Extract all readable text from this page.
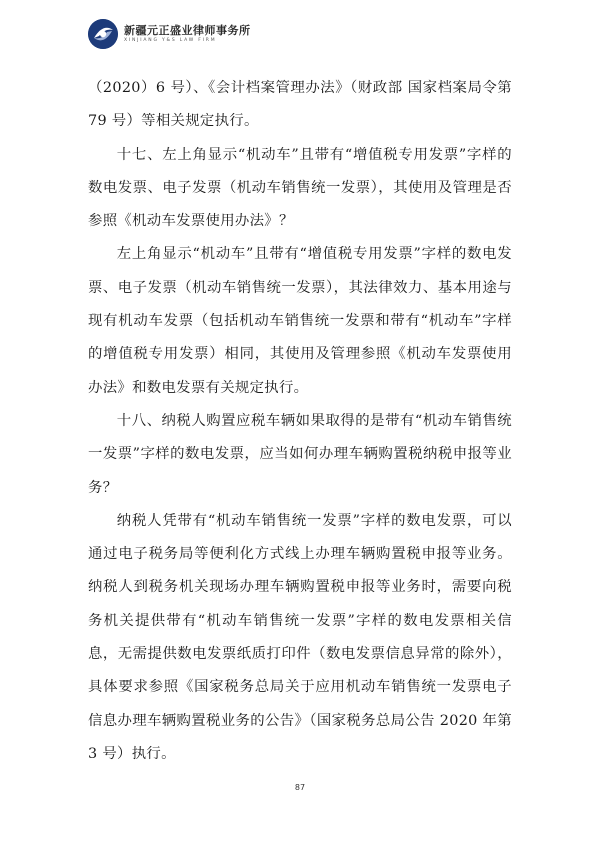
新疆元正盛业律师事务所
XINJIANG Y&S LAW FIRM

（2020）6 号）、《会计档案管理办法》（财政部 国家档案局令第 79 号）等相关规定执行。

十七、左上角显示“机动车”且带有“增值税专用发票”字样的数电发票、电子发票（机动车销售统一发票），其使用及管理是否参照《机动车发票使用办法》？

左上角显示“机动车”且带有“增值税专用发票”字样的数电发票、电子发票（机动车销售统一发票），其法律效力、基本用途与现有机动车发票（包括机动车销售统一发票和带有“机动车”字样的增值税专用发票）相同，其使用及管理参照《机动车发票使用办法》和数电发票有关规定执行。

十八、纳税人购置应税车辆如果取得的是带有“机动车销售统一发票”字样的数电发票，应当如何办理车辆购置税纳税申报等业务？

纳税人凭带有“机动车销售统一发票”字样的数电发票，可以通过电子税务局等便利化方式线上办理车辆购置税申报等业务。纳税人到税务机关现场办理车辆购置税申报等业务时，需要向税务机关提供带有“机动车销售统一发票”字样的数电发票相关信息，无需提供数电发票纸质打印件（数电发票信息异常的除外），具体要求参照《国家税务总局关于应用机动车销售统一发票电子信息办理车辆购置税业务的公告》（国家税务总局公告 2020 年第 3 号）执行。

87
